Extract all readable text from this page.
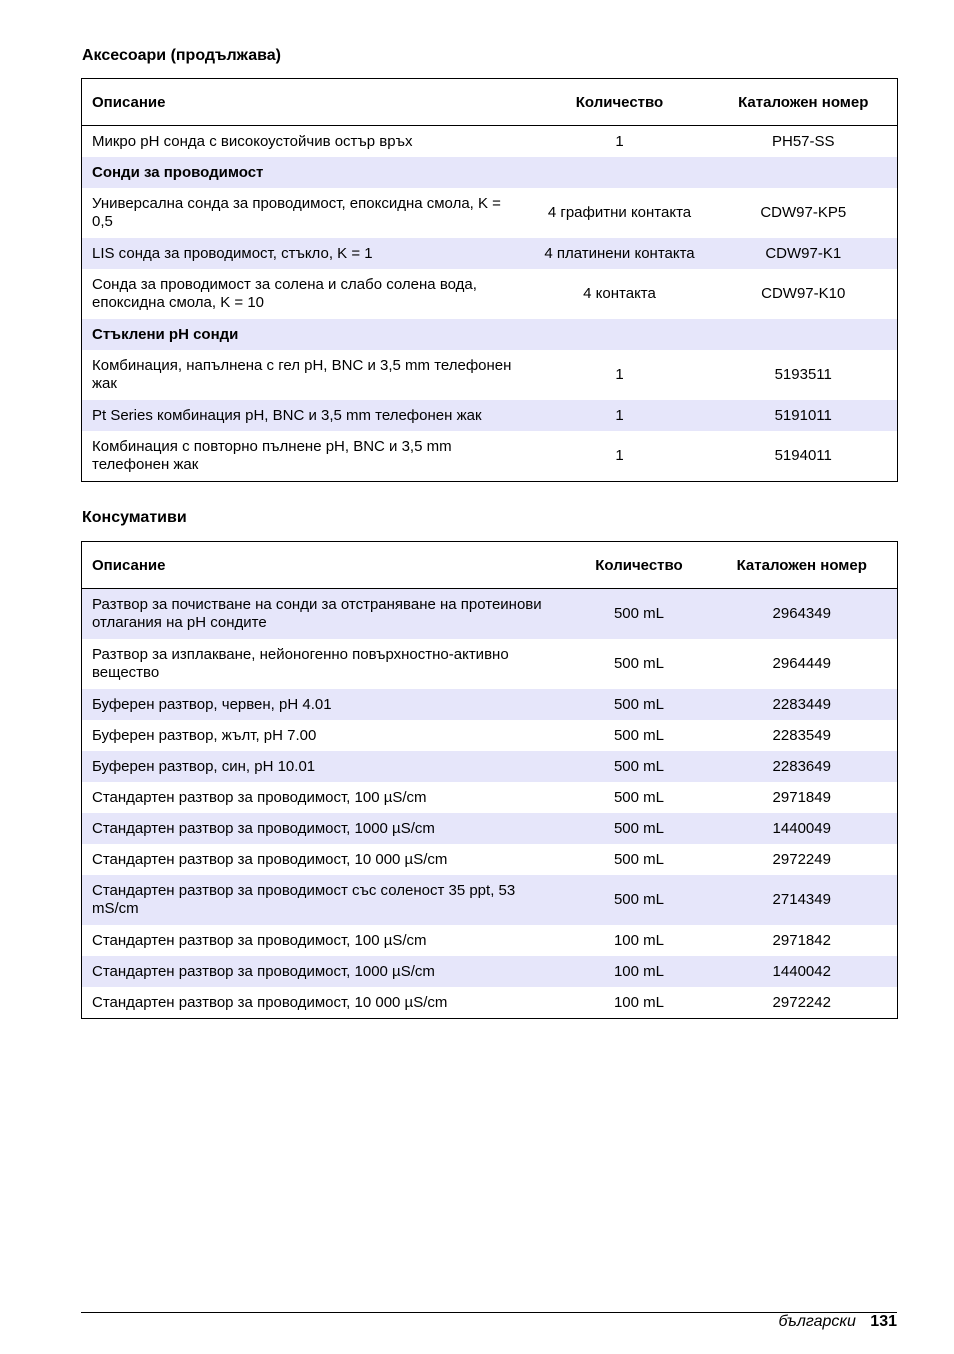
Аксесоари (продължава)
Описание	Количество	Каталожен номер
Микро pH сонда с високоустойчив остър връх	1	PH57-SS
Сонди за проводимост		
Универсална сонда за проводимост, епоксидна смола, K = 0,5	4 графитни контакта	CDW97-KP5
LIS сонда за проводимост, стъкло, K = 1	4 платинени контакта	CDW97-K1
Сонда за проводимост за солена и слабо солена вода, епоксидна смола, K = 10	4 контакта	CDW97-K10
Стъклени pH сонди		
Комбинация, напълнена с гел pH, BNC и 3,5 mm телефонен жак	1	5193511
Pt Series комбинация pH, BNC и 3,5 mm телефонен жак	1	5191011
Комбинация с повторно пълнене pH, BNC и 3,5 mm телефонен жак	1	5194011
Консумативи
Описание	Количество	Каталожен номер
Разтвор за почистване на сонди за отстраняване на протеинови отлагания на pH сондите	500 mL	2964349
Разтвор за изплакване, нейоногенно повърхностно-активно вещество	500 mL	2964449
Буферен разтвор, червен, pH 4.01	500 mL	2283449
Буферен разтвор, жълт, pH 7.00	500 mL	2283549
Буферен разтвор, син, pH 10.01	500 mL	2283649
Стандартен разтвор за проводимост, 100 µS/cm	500 mL	2971849
Стандартен разтвор за проводимост, 1000 µS/cm	500 mL	1440049
Стандартен разтвор за проводимост, 10 000 µS/cm	500 mL	2972249
Стандартен разтвор за проводимост със соленост 35 ppt, 53 mS/cm	500 mL	2714349
Стандартен разтвор за проводимост, 100 µS/cm	100 mL	2971842
Стандартен разтвор за проводимост, 1000 µS/cm	100 mL	1440042
Стандартен разтвор за проводимост, 10 000 µS/cm	100 mL	2972242
български 131
